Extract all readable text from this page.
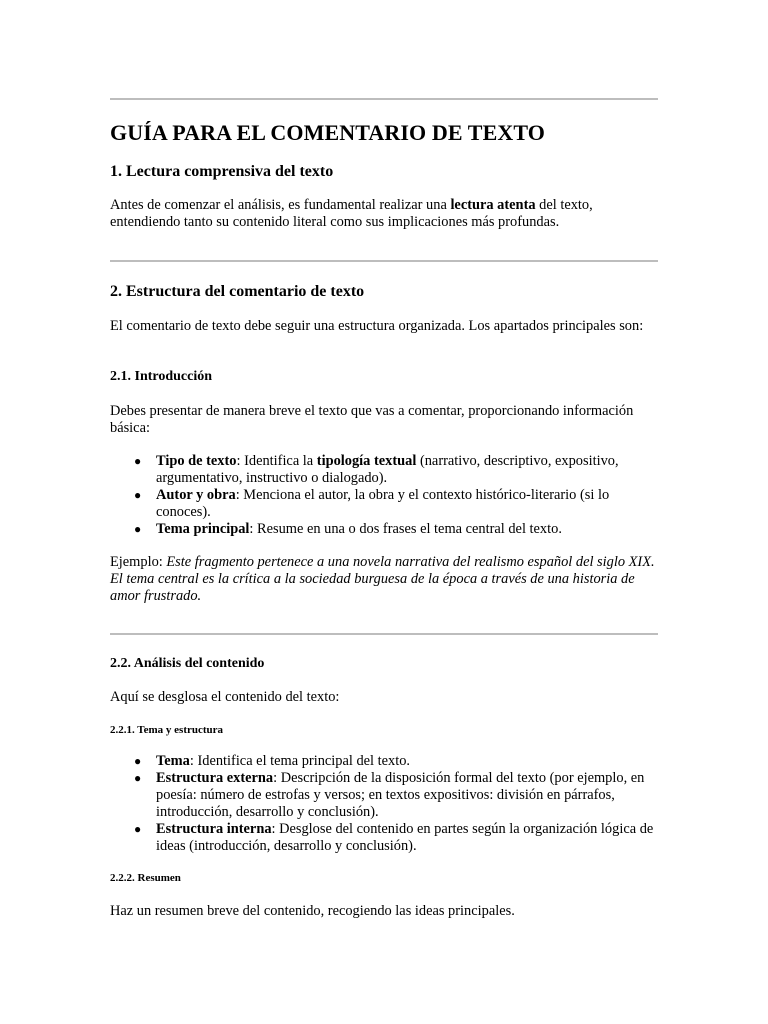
GUÍA PARA EL COMENTARIO DE TEXTO
1. Lectura comprensiva del texto

Antes de comenzar el análisis, es fundamental realizar una lectura atenta del texto, entendiendo tanto su contenido literal como sus implicaciones más profundas.

2. Estructura del comentario de texto

El comentario de texto debe seguir una estructura organizada. Los apartados principales son:

2.1. Introducción

Debes presentar de manera breve el texto que vas a comentar, proporcionando información básica:

● Tipo de texto: Identifica la tipología textual (narrativo, descriptivo, expositivo, argumentativo, instructivo o dialogado).
● Autor y obra: Menciona el autor, la obra y el contexto histórico-literario (si lo conoces).
● Tema principal: Resume en una o dos frases el tema central del texto.

Ejemplo: Este fragmento pertenece a una novela narrativa del realismo español del siglo XIX. El tema central es la crítica a la sociedad burguesa de la época a través de una historia de amor frustrado.

2.2. Análisis del contenido

Aquí se desglosa el contenido del texto:

2.2.1. Tema y estructura
● Tema: Identifica el tema principal del texto.
● Estructura externa: Descripción de la disposición formal del texto (por ejemplo, en poesía: número de estrofas y versos; en textos expositivos: división en párrafos, introducción, desarrollo y conclusión).
● Estructura interna: Desglose del contenido en partes según la organización lógica de ideas (introducción, desarrollo y conclusión).
2.2.2. Resumen

Haz un resumen breve del contenido, recogiendo las ideas principales.
